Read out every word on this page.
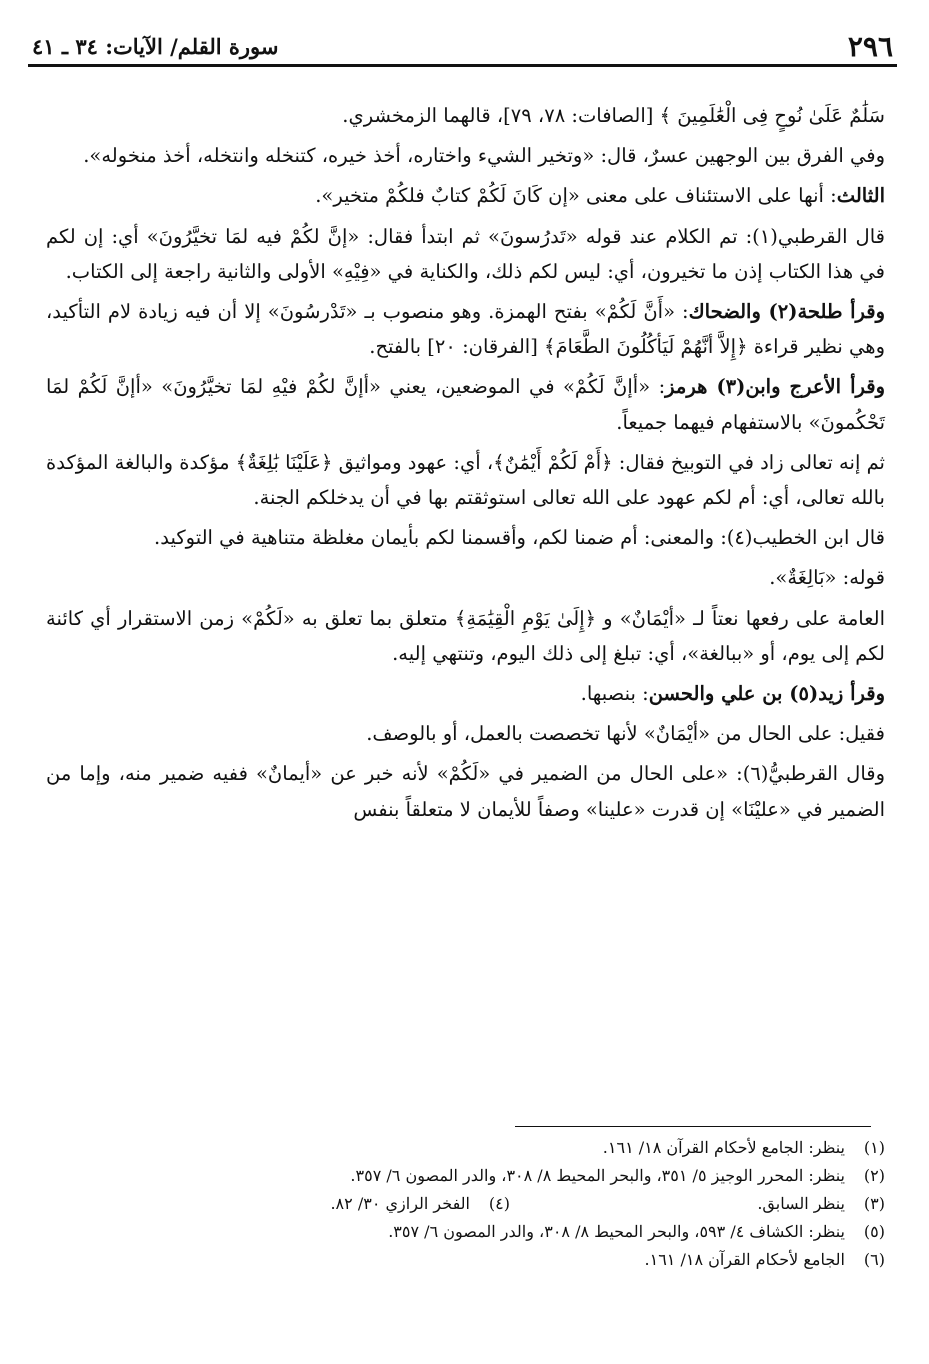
٢٩٦
سورة القلم/ الآيات: ٣٤ ـ ٤١

سَلَٰمٌ عَلَىٰ نُوحٍ فِى الْعَٰلَمِينَ ﴾ [الصافات: ٧٨، ٧٩]، قالهما الزمخشري.

وفي الفرق بين الوجهين عسرٌ، قال: «وتخير الشيء واختاره، أخذ خيره، كتنخله وانتخله، أخذ منخوله».

الثالث: أنها على الاستئناف على معنى «إن كَانَ لَكُمْ كتابٌ فلكُمْ متخير».

قال القرطبي(١): تم الكلام عند قوله «تَدرُسونَ» ثم ابتدأ فقال: «إنَّ لكُمْ فيه لمَا تخيَّرُونَ» أي: إن لكم في هذا الكتاب إذن ما تخيرون، أي: ليس لكم ذلك، والكناية في «فِيْهِ» الأولى والثانية راجعة إلى الكتاب.

وقرأ طلحة(٢) والضحاك: «أَنَّ لَكُمْ» بفتح الهمزة. وهو منصوب بـ «تَدْرسُونَ» إلا أن فيه زيادة لام التأكيد، وهي نظير قراءة ﴿إِلاَّ أنَّهُمْ لَيَأكُلُونَ الطَّعَامَ﴾ [الفرقان: ٢٠] بالفتح.

وقرأ الأعرج وابن(٣) هرمز: «أإنَّ لَكُمْ» في الموضعين، يعني «أإنَّ لكُمْ فيْهِ لمَا تخيَّرُونَ» «أإنَّ لَكُمْ لمَا تَحْكُمونَ» بالاستفهام فيهما جميعاً.

ثم إنه تعالى زاد في التوبيخ فقال: ﴿أَمْ لَكُمْ أَيْمَٰنٌ﴾، أي: عهود ومواثيق ﴿عَلَيْنَا بَٰلِغَةٌ﴾ مؤكدة والبالغة المؤكدة بالله تعالى، أي: أم لكم عهود على الله تعالى استوثقتم بها في أن يدخلكم الجنة.

قال ابن الخطيب(٤): والمعنى: أم ضمنا لكم، وأقسمنا لكم بأيمان مغلظة متناهية في التوكيد.

قوله: «بَالِغَةٌ».

العامة على رفعها نعتاً لـ «أيْمَانٌ» و ﴿إِلَىٰ يَوْمِ الْقِيَٰمَةِ﴾ متعلق بما تعلق به «لَكُمْ» زمن الاستقرار أي كائنة لكم إلى يوم، أو «ببالغة»، أي: تبلغ إلى ذلك اليوم، وتنتهي إليه.

وقرأ زيد(٥) بن علي والحسن: بنصبها.

فقيل: على الحال من «أيْمَانٌ» لأنها تخصصت بالعمل، أو بالوصف.

وقال القرطبيُّ(٦): «على الحال من الضمير في «لَكُمْ» لأنه خبر عن «أيمانٌ» ففيه ضمير منه، وإما من الضمير في «عليْنَا» إن قدرت «علينا» وصفاً للأيمان لا متعلقاً بنفس

(١)ينظر: الجامع لأحكام القرآن ١٨/ ١٦١.

(٢)ينظر: المحرر الوجيز ٥/ ٣٥١، والبحر المحيط ٨/ ٣٠٨، والدر المصون ٦/ ٣٥٧.

(٣)ينظر السابق.
(٤)الفخر الرازي ٣٠/ ٨٢.

(٥)ينظر: الكشاف ٤/ ٥٩٣، والبحر المحيط ٨/ ٣٠٨، والدر المصون ٦/ ٣٥٧.

(٦)الجامع لأحكام القرآن ١٨/ ١٦١.
